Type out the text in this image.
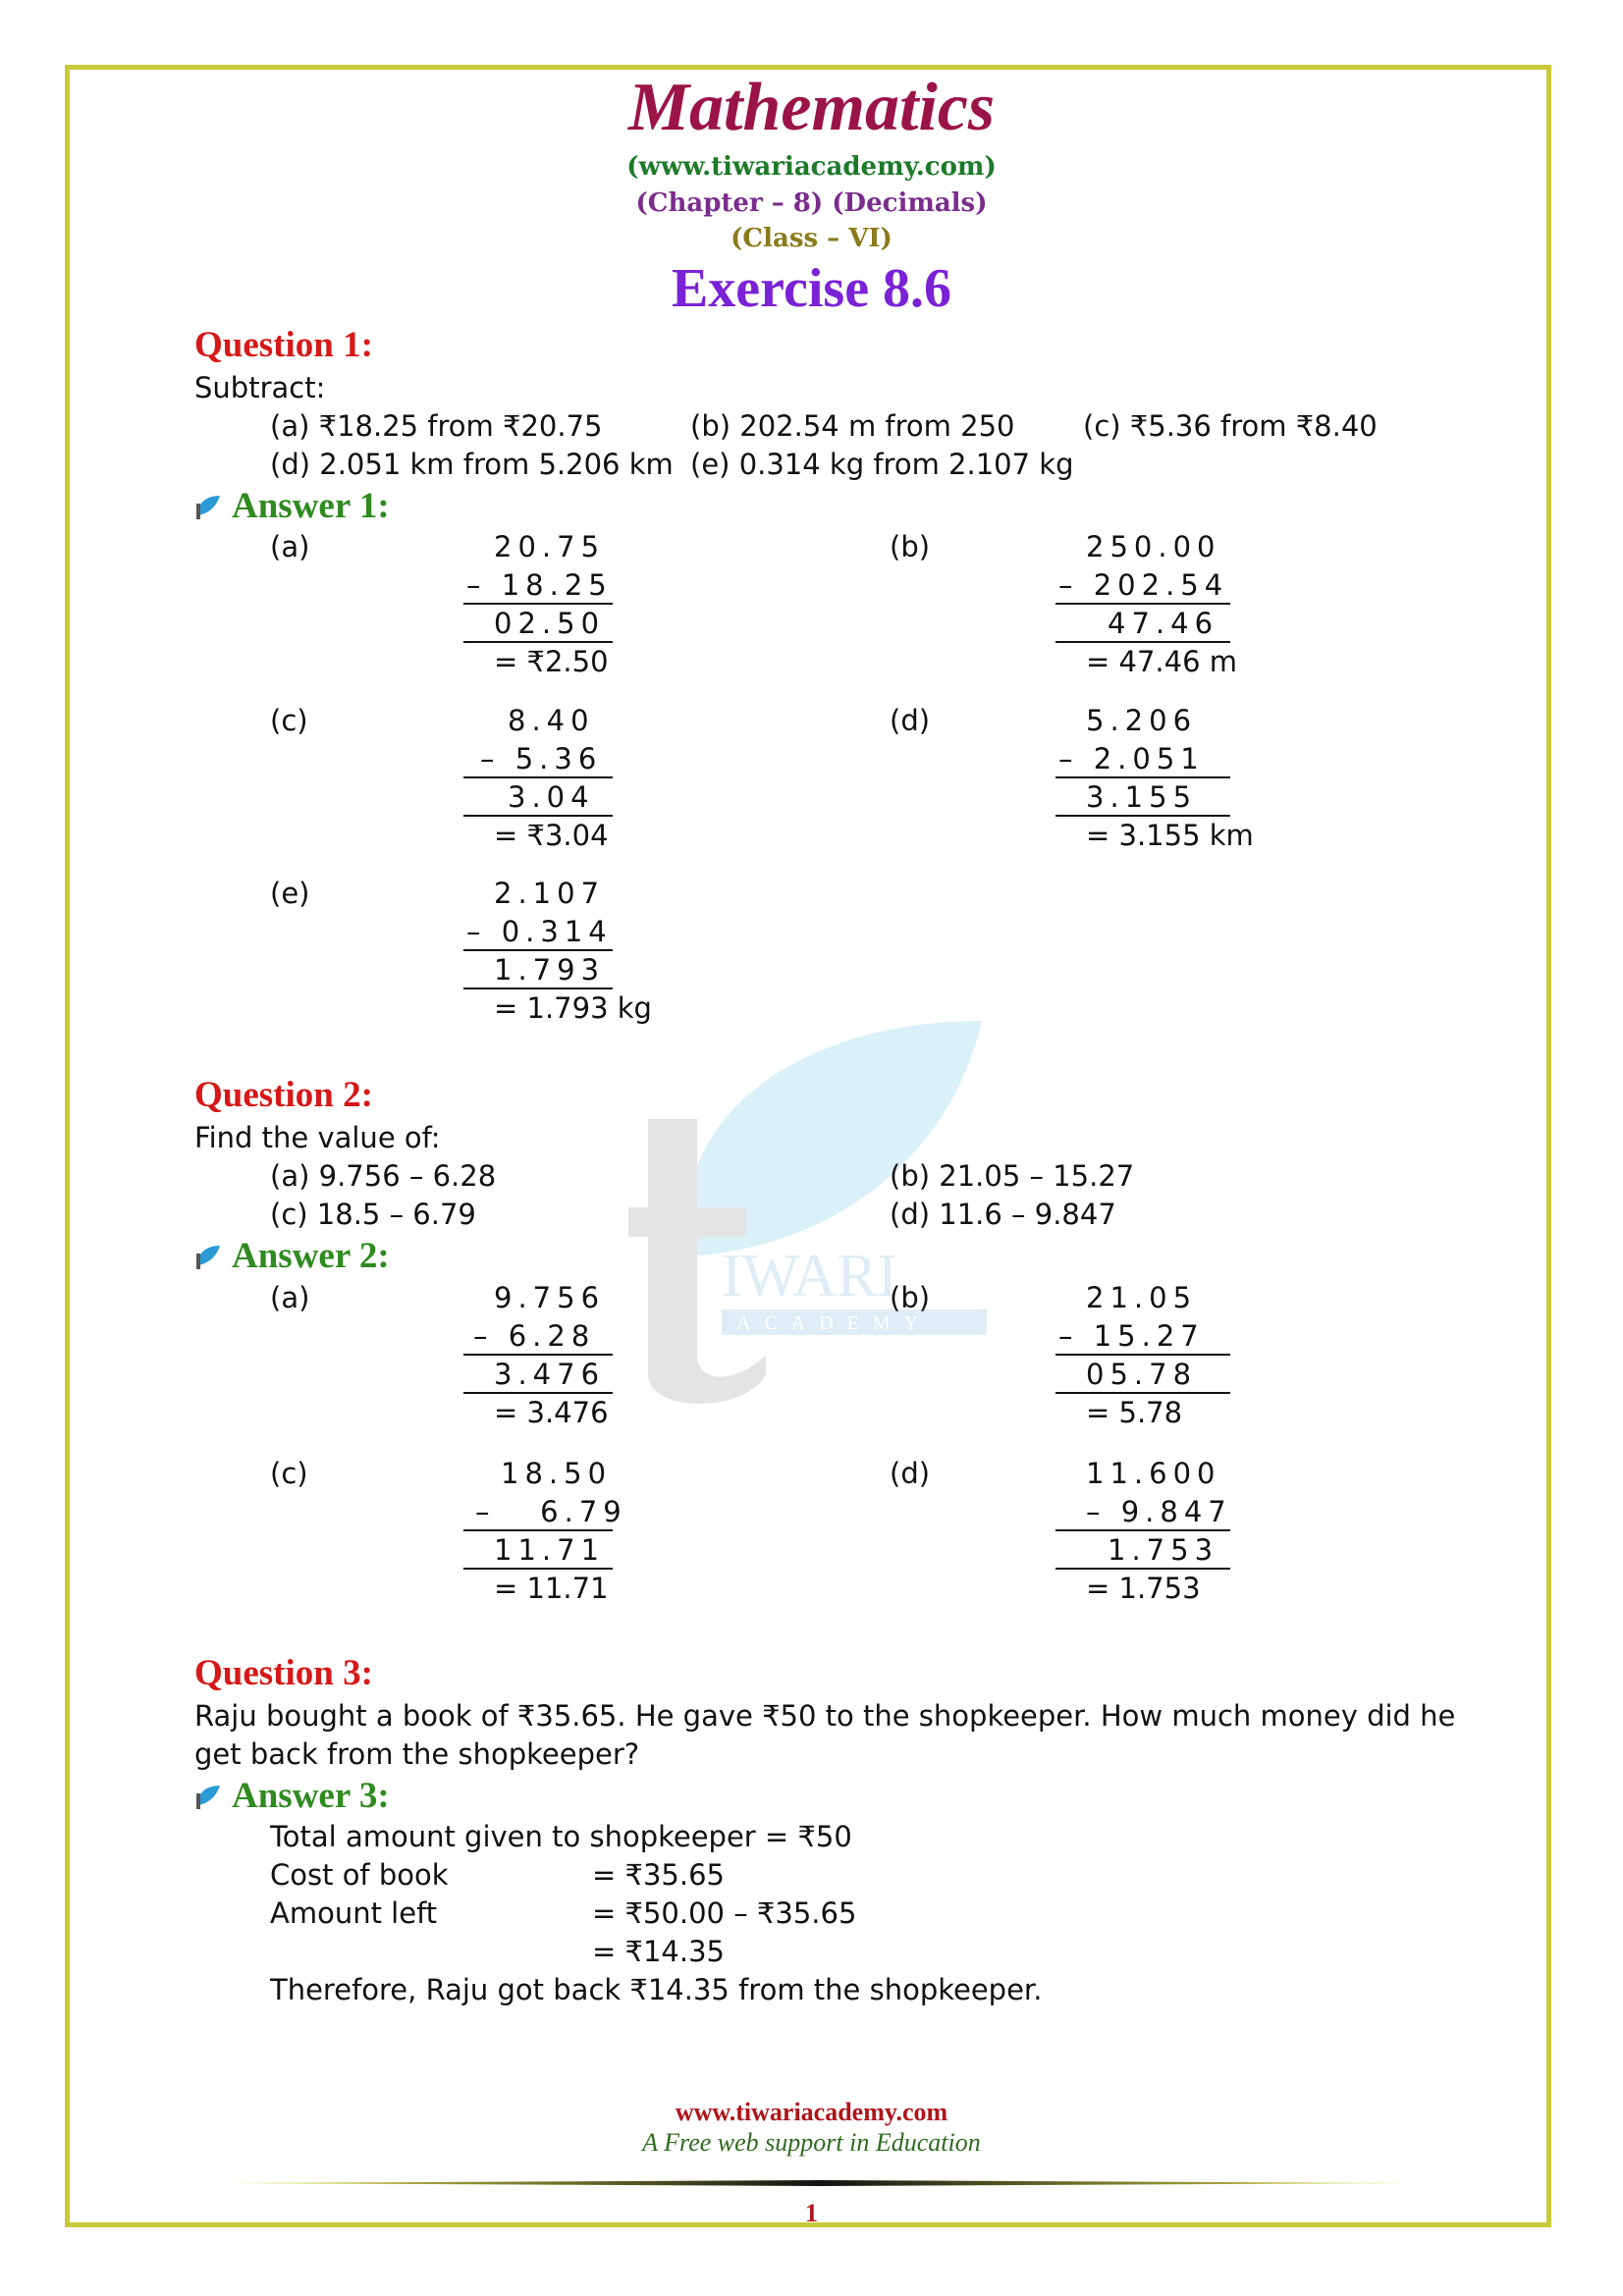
IWARI
ACADEMY
Mathematics
(www.tiwariacademy.com)
(Chapter – 8) (Decimals)
(Class – VI)
Exercise 8.6
Question 1:
Subtract:
(a) ₹18.25 from ₹20.75	(b) 202.54 m from 250 (c) ₹5.36 from ₹8.40
(d) 2.051 km from 5.206 km (e) 0.314 kg from 2.107 kg
Answer 1:
(a)	20.75
– 18.25
02.50
= ₹2.50
(b)	250.00
– 202.54
47.46
= 47.46 m
(c)	8.40
– 5.36
3.04
= ₹3.04
(d)	5.206
– 2.051
3.155
= 3.155 km
(e)	2.107
– 0.314
1.793
= 1.793 kg
Question 2:
Find the value of:
(a) 9.756 – 6.28	(b) 21.05 – 15.27
(c) 18.5 – 6.79	(d) 11.6 – 9.847
Answer 2:
(a)	9.756
– 6.28
3.476
= 3.476
(b)	21.05
– 15.27
05.78
= 5.78
(c)	18.50
–   6.79
11.71
= 11.71
(d)	11.600
– 9.847
1.753
= 1.753
Question 3:
Raju bought a book of ₹35.65. He gave ₹50 to the shopkeeper. How much money did he
get back from the shopkeeper?
Answer 3:
Total amount given to shopkeeper = ₹50
Cost of book	= ₹35.65
Amount left	= ₹50.00 – ₹35.65
= ₹14.35
Therefore, Raju got back ₹14.35 from the shopkeeper.
www.tiwariacademy.com
A Free web support in Education
1
